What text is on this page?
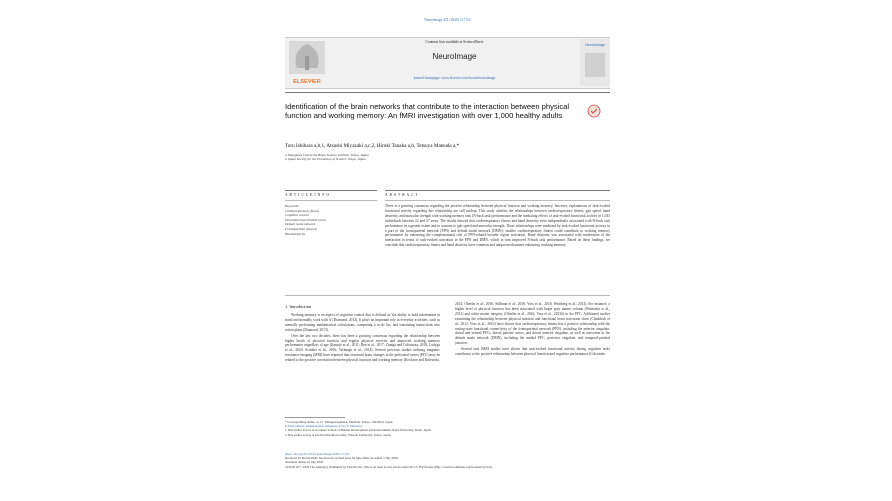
NeuroImage 221 (2020) 117152
ELSEVIER
Contents lists available at ScienceDirect
NeuroImage
journal homepage: www.elsevier.com/locate/neuroimage
NeuroImage
Identification of the brain networks that contribute to the interaction between physical function and working memory: An fMRI investigation with over 1,000 healthy adults
Toru Ishihara a,b,1, Atsushi Miyazaki a,c,2, Hiroki Tanaka a,b, Tetsuya Matsuda a,*
a Tamagawa University Brain Science Institute, Tokyo, Japan
b Japan Society for the Promotion of Science, Tokyo, Japan
A R T I C L E I N F O	A B S T R A C T
Keywords:
Cardiorespiratory fitness
Cognitive control
Dorsolateral prefrontal cortex
Default mode network
Frontoparietal network
Hand dexterity
There is a growing consensus regarding the positive relationship between physical function and working memory; however, explanations of task-evoked functional activity regarding this relationship are still unclear. This study clarifies the relationships between cardiorespiratory fitness, gait speed, hand dexterity, and muscular strength with working memory task (N-back task) performance and the mediating effects of task-evoked functional activity in 1,033 individuals between 22 and 37 years. The results showed that cardiorespiratory fitness and hand dexterity were independently associated with N-back task performance in a greater extent and in contrast to gait speed and muscular strength. These relationships were mediated by task-evoked functional activity in a part of the frontoparietal network (FPN) and default mode network (DMN); smaller cardiorespiratory fitness could contribute to working memory performance by enhancing the compensational role of FPN-related broader region activation. Hand dexterity was associated with moderation of the interaction in terms of task-evoked activation in the FPN and DMN, which in turn improved N-back task performance. Based on these findings, we conclude that cardiorespiratory fitness and hand dexterity have common and unique mechanisms enhancing working memory.
1. Introduction

Working memory is an aspect of cognitive control that is defined as 'the ability to hold information in mind and mentally work with it' (Diamond, 2013). It plays an important role in everyday activities, such as mentally performing mathematical calculations, comparing a to-do list, and translating instructions into action plans (Diamond, 2013).

Over the last two decades, there has been a growing consensus regarding the relationship between higher levels of physical function and regular physical exercise and improved working memory performance regardless of age (Kamijo et al., 2011; Ren et al., 2017; Zuniga and Coloruzza, 2018; Ludyga et al., 2020; Scudder et al., 2016; Verburgh et al., 2014). Several previous studies utilizing magnetic resonance imaging (MRI) have reported that structural brain changes in the prefrontal cortex (PFC) may be related to the positive correlation between physical function and working memory (Erickson and Kolesinki,

2014; Oberlin et al., 2016; Stillman et al., 2016; Voss et al., 2016; Weinberg et al., 2013). For instance, a higher level of physical function has been associated with larger gray matter volume (Weinstein et al., 2012) and white matter integrity (Oberlin et al., 2016; Voss et al., 2013b) in the PFC. Additional studies examining the relationship between physical function and functional brain activation show (Chaddock et al., 2012; Voss et al., 2010) have shown that cardiorespiratory fitness has a positive relationship with the resting-state functional connectivity of the frontoparietal network (FPN), including the anterior cingulate, dorsal and ventral PFCs, dorsal parietal cortex, and dorsal anterior cingulate, as well as activation in the default mode network (DMN), including the medial PFC, posterior cingulate, and temporal-parietal junction.

Several task fMRI studies have shown that task-evoked functional activity during cognitive tasks contributes to the positive relationship between physical function and cognitive performance (Colcombe

* Corresponding author. 6-1-1 Tamagawagakuen, Machida, Tokyo, 194-8610, Japan.
E-mail address: tmatsuda@lab.tamagawa.ac.jp (T. Matsuda).
1 This author is now at Graduate School of Human Development and Environment, Kobe University, Kobe, Japan.
2 This author is now at Global Education Center, Waseda University, Tokyo, Japan.
https://doi.org/10.1016/j.neuroimage.2020.117152
Received 26 March 2020; Received in revised form 30 June 2020; Accepted 5 July 2020
Available online 10 July 2020
1053-8119/© 2020 The Author(s). Published by Elsevier Inc. This is an open access article under the CC BY license (http://creativecommons.org/licenses/by/4.0/).
